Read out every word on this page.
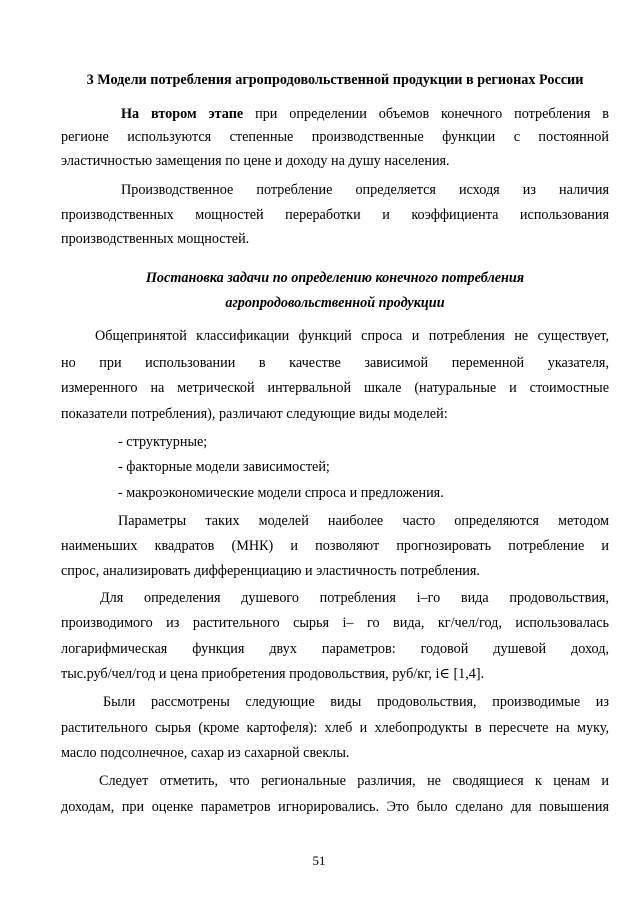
3 Модели потребления агропродовольственной продукции в регионах России
На втором этапе при определении объемов конечного потребления в
регионе используются степенные производственные функции с постоянной
эластичностью замещения по цене и доходу на душу населения.
Производственное потребление определяется исходя из наличия
производственных мощностей переработки и коэффициента использования
производственных мощностей.
Постановка задачи по определению конечного потребления
агропродовольственной продукции
Общепринятой классификации функций спроса и потребления не существует,
но при использовании в качестве зависимой переменной указателя,
измеренного на метрической интервальной шкале (натуральные и стоимостные
показатели потребления), различают следующие виды моделей:
- структурные;
- факторные модели зависимостей;
- макроэкономические модели спроса и предложения.
Параметры таких моделей наиболее часто определяются методом
наименьших квадратов (МНК) и позволяют прогнозировать потребление и
спрос, анализировать дифференциацию и эластичность потребления.
Для определения душевого потребления i–го вида продовольствия,
производимого из растительного сырья i– го вида, кг/чел/год, использовалась
логарифмическая функция двух параметров: годовой душевой доход,
тыс.руб/чел/год и цена приобретения продовольствия, руб/кг, i∈ [1,4].
Были рассмотрены следующие виды продовольствия, производимые из
растительного сырья (кроме картофеля): хлеб и хлебопродукты в пересчете на муку,
масло подсолнечное, сахар из сахарной свеклы.
Следует отметить, что региональные различия, не сводящиеся к ценам и
доходам, при оценке параметров игнорировались. Это было сделано для повышения
51
